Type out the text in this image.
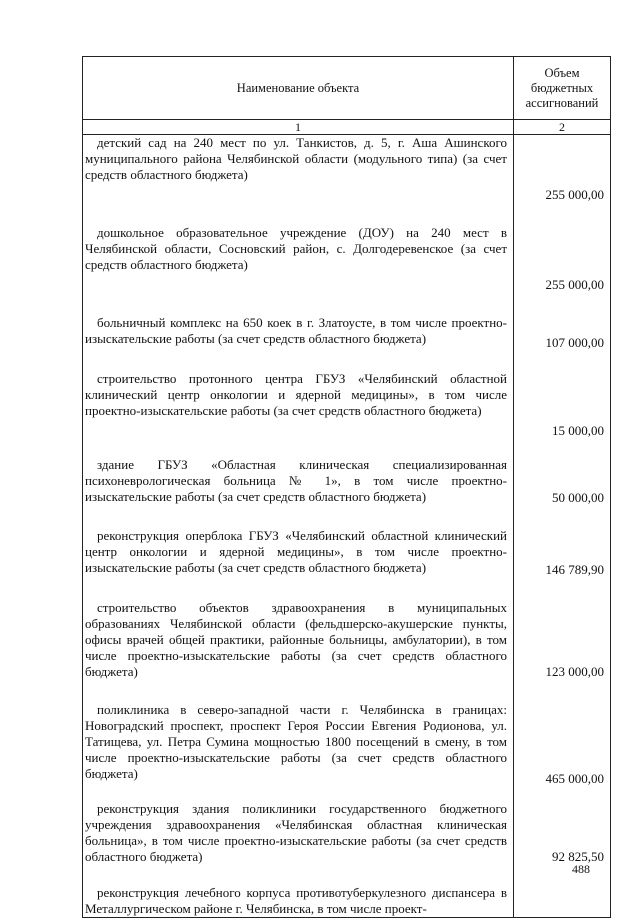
Наименование объекта	Объем бюджетных ассигнований
1	2

детский сад на 240 мест по ул. Танкистов, д. 5, г. Аша Ашинского муниципального района Челябинской области (модульного типа) (за счет средств областного бюджета)	255 000,00

дошкольное образовательное учреждение (ДОУ) на 240 мест в Челябинской области, Сосновский район, с. Долгодеревенское (за счет средств областного бюджета)	255 000,00

больничный комплекс на 650 коек в г. Златоусте, в том числе проектно-изыскательские работы (за счет средств областного бюджета)	107 000,00

строительство протонного центра ГБУЗ «Челябинский областной клинический центр онкологии и ядерной медицины», в том числе проектно-изыскательские работы (за счет средств областного бюджета)	15 000,00

здание ГБУЗ «Областная клиническая специализированная психоневрологическая больница № 1», в том числе проектно-изыскательские работы (за счет средств областного бюджета)	50 000,00

реконструкция оперблока ГБУЗ «Челябинский областной клинический центр онкологии и ядерной медицины», в том числе проектно-изыскательские работы (за счет средств областного бюджета)	146 789,90

строительство объектов здравоохранения в муниципальных образованиях Челябинской области (фельдшерско-акушерские пункты, офисы врачей общей практики, районные больницы, амбулатории), в том числе проектно-изыскательские работы (за счет средств областного бюджета)	123 000,00

поликлиника в северо-западной части г. Челябинска в границах: Новоградский проспект, проспект Героя России Евгения Родионова, ул. Татищева, ул. Петра Сумина мощностью 1800 посещений в смену, в том числе проектно-изыскательские работы (за счет средств областного бюджета)	465 000,00

реконструкция здания поликлиники государственного бюджетного учреждения здравоохранения «Челябинская областная клиническая больница», в том числе проектно-изыскательские работы (за счет средств областного бюджета)	92 825,50

реконструкция лечебного корпуса противотуберкулезного диспансера в Металлургическом районе г. Челябинска, в том числе проект-	

488
